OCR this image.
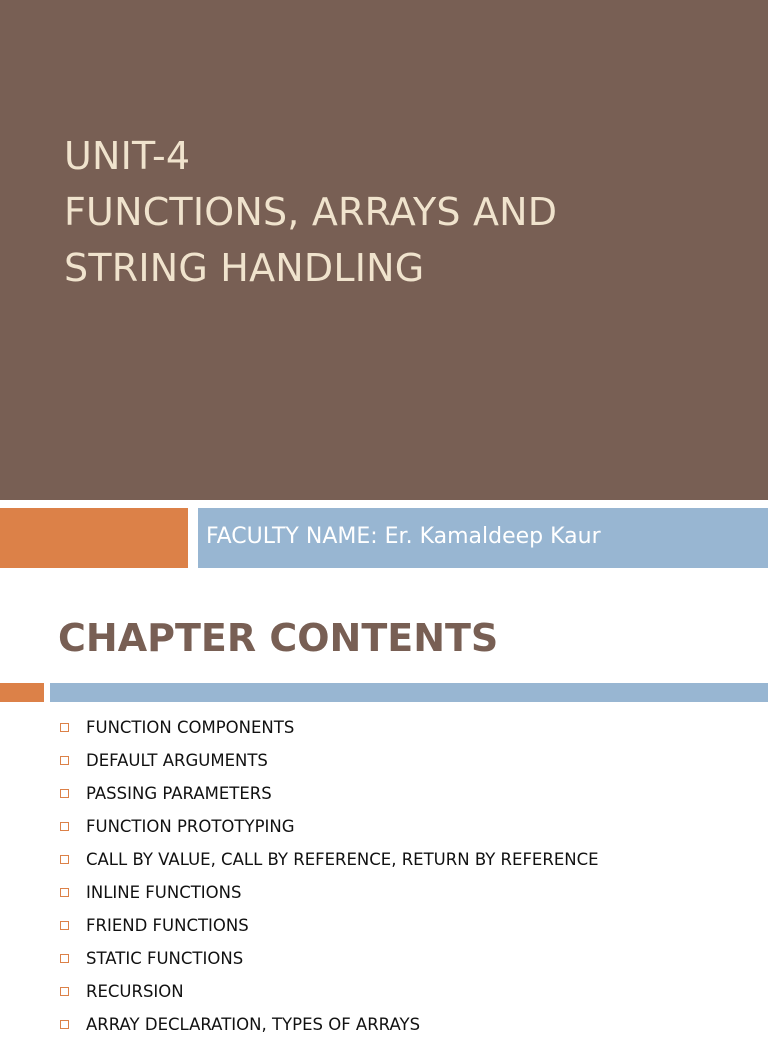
UNIT-4
FUNCTIONS, ARRAYS AND
STRING HANDLING
FACULTY NAME: Er. Kamaldeep Kaur
CHAPTER CONTENTS
FUNCTION COMPONENTS
DEFAULT ARGUMENTS
PASSING PARAMETERS
FUNCTION PROTOTYPING
CALL BY VALUE, CALL BY REFERENCE, RETURN BY REFERENCE
INLINE FUNCTIONS
FRIEND FUNCTIONS
STATIC FUNCTIONS
RECURSION
ARRAY DECLARATION, TYPES OF ARRAYS
